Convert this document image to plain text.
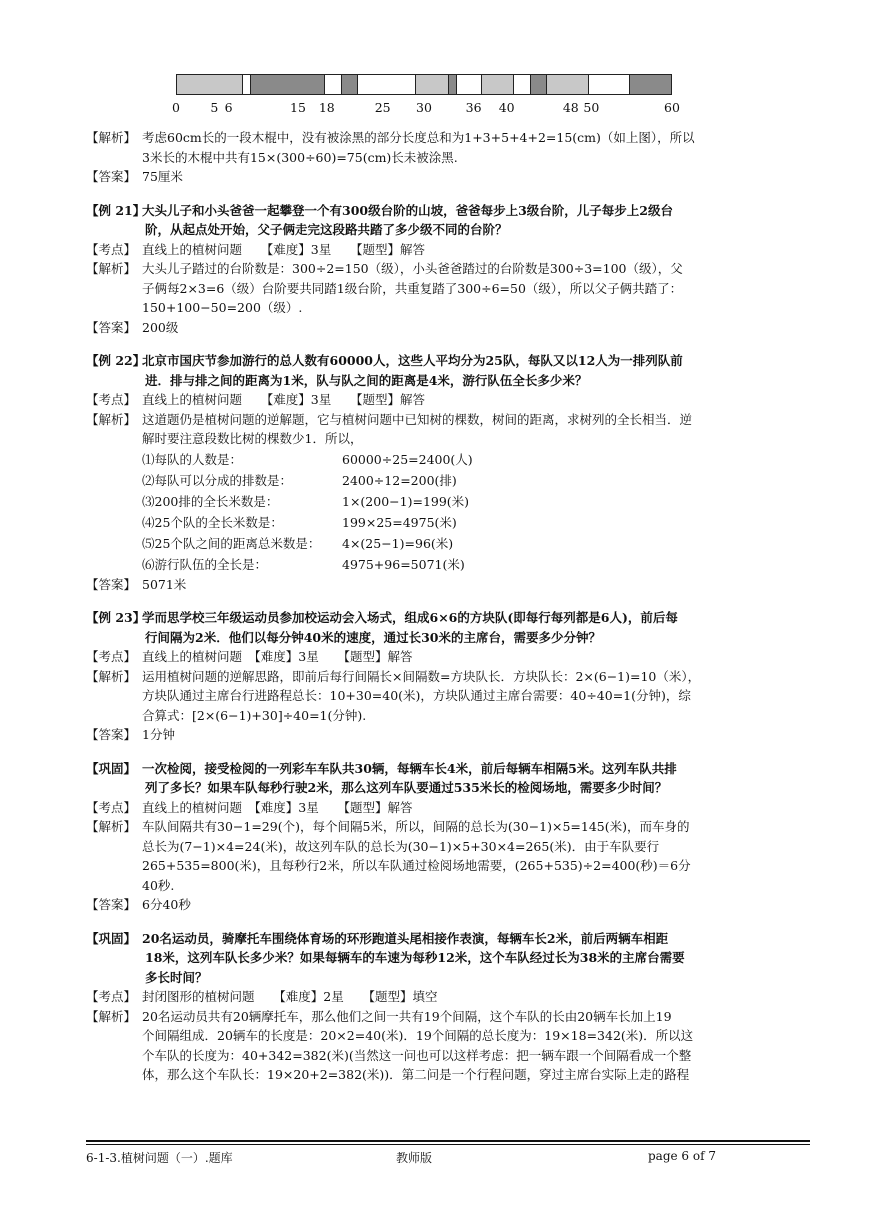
0 5 6	15 18	25 30	36 40	48 50	60
【解析】 考虑60cm长的一段木棍中，没有被涂黑的部分长度总和为1+3+5+4+2=15(cm)（如上图），所以
3米长的木棍中共有15×(300÷60)=75(cm)长未被涂黑.
【答案】 75厘米
【例 21】大头儿子和小头爸爸一起攀登一个有300级台阶的山坡，爸爸每步上3级台阶，儿子每步上2级台
阶，从起点处开始，父子俩走完这段路共踏了多少级不同的台阶？
【考点】 直线上的植树问题　　【难度】3星　　【题型】解答
【解析】 大头儿子踏过的台阶数是：300÷2=150（级），小头爸爸踏过的台阶数是300÷3=100（级），父
子俩每2×3=6（级）台阶要共同踏1级台阶，共重复踏了300÷6=50（级），所以父子俩共踏了：
150+100−50=200（级）.
【答案】 200级
【例 22】北京市国庆节参加游行的总人数有60000人，这些人平均分为25队，每队又以12人为一排列队前
进．排与排之间的距离为1米，队与队之间的距离是4米，游行队伍全长多少米？
【考点】 直线上的植树问题　　【难度】3星　　【题型】解答
【解析】 这道题仍是植树问题的逆解题，它与植树问题中已知树的棵数，树间的距离，求树列的全长相当．逆
解时要注意段数比树的棵数少1．所以，
⑴每队的人数是：	60000÷25=2400(人)
⑵每队可以分成的排数是：	2400÷12=200(排)
⑶200排的全长米数是：	1×(200−1)=199(米)
⑷25个队的全长米数是：	199×25=4975(米)
⑸25个队之间的距离总米数是：	4×(25−1)=96(米)
⑹游行队伍的全长是：	4975+96=5071(米)
【答案】 5071米
【例 23】学而思学校三年级运动员参加校运动会入场式，组成6×6的方块队(即每行每列都是6人)，前后每
行间隔为2米．他们以每分钟40米的速度，通过长30米的主席台，需要多少分钟？
【考点】 直线上的植树问题　【难度】3星　　【题型】解答
【解析】 运用植树问题的逆解思路，即前后每行间隔长×间隔数=方块队长．方块队长：2×(6−1)=10（米），
方块队通过主席台行进路程总长：10+30=40(米)，方块队通过主席台需要：40÷40=1(分钟)，综
合算式：[2×(6−1)+30]÷40=1(分钟).
【答案】 1分钟
【巩固】 一次检阅，接受检阅的一列彩车车队共30辆，每辆车长4米，前后每辆车相隔5米。这列车队共排
列了多长？如果车队每秒行驶2米，那么这列车队要通过535米长的检阅场地，需要多少时间？
【考点】 直线上的植树问题　【难度】3星　　【题型】解答
【解析】 车队间隔共有30−1=29(个)，每个间隔5米，所以，间隔的总长为(30−1)×5=145(米)，而车身的
总长为(7−1)×4=24(米)，故这列车队的总长为(30−1)×5+30×4=265(米)．由于车队要行
265+535=800(米)，且每秒行2米，所以车队通过检阅场地需要，(265+535)÷2=400(秒)＝6分
40秒.
【答案】 6分40秒
【巩固】 20名运动员，骑摩托车围绕体育场的环形跑道头尾相接作表演，每辆车长2米，前后两辆车相距
18米，这列车队长多少米？如果每辆车的车速为每秒12米，这个车队经过长为38米的主席台需要
多长时间？
【考点】 封闭图形的植树问题　　【难度】2星　　【题型】填空
【解析】 20名运动员共有20辆摩托车，那么他们之间一共有19个间隔，这个车队的长由20辆车长加上19
个间隔组成．20辆车的长度是：20×2=40(米)．19个间隔的总长度为：19×18=342(米)．所以这
个车队的长度为：40+342=382(米)(当然这一问也可以这样考虑：把一辆车跟一个间隔看成一个整
体，那么这个车队长：19×20+2=382(米))．第二问是一个行程问题，穿过主席台实际上走的路程
6-1-3.植树问题（一）.题库	教师版	page 6 of 7
